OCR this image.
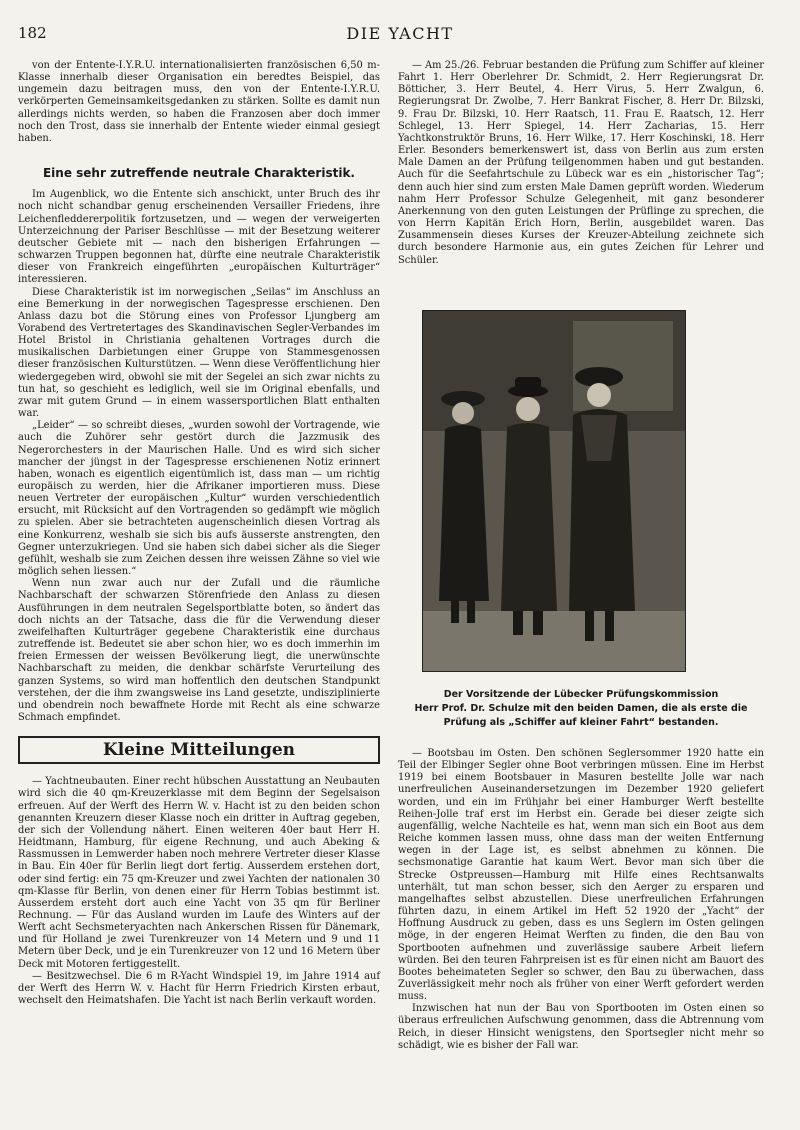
182	DIE YACHT

von der Entente-I.Y.R.U. internationalisierten französischen 6,50 m-Klasse innerhalb dieser Organisation ein beredtes Beispiel, das ungemein dazu beitragen muss, den von der Entente-I.Y.R.U. verkörperten Gemeinsamkeitsgedanken zu stärken. Sollte es damit nun allerdings nichts werden, so haben die Franzosen aber doch immer noch den Trost, dass sie innerhalb der Entente wieder einmal gesiegt haben.

Eine sehr zutreffende neutrale Charakteristik.

Im Augenblick, wo die Entente sich anschickt, unter Bruch des ihr noch nicht schandbar genug erscheinenden Versailler Friedens, ihre Leichenfleddererpolitik fortzusetzen, und — wegen der verweigerten Unterzeichnung der Pariser Beschlüsse — mit der Besetzung weiterer deutscher Gebiete mit — nach den bisherigen Erfahrungen — schwarzen Truppen begonnen hat, dürfte eine neutrale Charakteristik dieser von Frankreich eingeführten „europäischen Kulturträger“ interessieren.

Diese Charakteristik ist im norwegischen „Seilas“ im Anschluss an eine Bemerkung in der norwegischen Tagespresse erschienen. Den Anlass dazu bot die Störung eines von Professor Ljungberg am Vorabend des Vertretertages des Skandinavischen Segler-Verbandes im Hotel Bristol in Christiania gehaltenen Vortrages durch die musikalischen Darbietungen einer Gruppe von Stammesgenossen dieser französischen Kulturstützen. — Wenn diese Veröffentlichung hier wiedergegeben wird, obwohl sie mit der Segelei an sich zwar nichts zu tun hat, so geschieht es lediglich, weil sie im Original ebenfalls, und zwar mit gutem Grund — in einem wassersportlichen Blatt enthalten war.

„Leider“ — so schreibt dieses, „wurden sowohl der Vortragende, wie auch die Zuhörer sehr gestört durch die Jazzmusik des Negerorchesters in der Maurischen Halle. Und es wird sich sicher mancher der jüngst in der Tagespresse erschienenen Notiz erinnert haben, wonach es eigentlich eigentümlich ist, dass man — um richtig europäisch zu werden, hier die Afrikaner importieren muss. Diese neuen Vertreter der europäischen „Kultur“ wurden verschiedentlich ersucht, mit Rücksicht auf den Vortragenden so gedämpft wie möglich zu spielen. Aber sie betrachteten augenscheinlich diesen Vortrag als eine Konkurrenz, weshalb sie sich bis aufs äusserste anstrengten, den Gegner unterzukriegen. Und sie haben sich dabei sicher als die Sieger gefühlt, weshalb sie zum Zeichen dessen ihre weissen Zähne so viel wie möglich sehen liessen.“

Wenn nun zwar auch nur der Zufall und die räumliche Nachbarschaft der schwarzen Störenfriede den Anlass zu diesen Ausführungen in dem neutralen Segelsportblatte boten, so ändert das doch nichts an der Tatsache, dass die für die Verwendung dieser zweifelhaften Kulturträger gegebene Charakteristik eine durchaus zutreffende ist. Bedeutet sie aber schon hier, wo es doch immerhin im freien Ermessen der weissen Bevölkerung liegt, die unerwünschte Nachbarschaft zu meiden, die denkbar schärfste Verurteilung des ganzen Systems, so wird man hoffentlich den deutschen Standpunkt verstehen, der die ihm zwangsweise ins Land gesetzte, undisziplinierte und obendrein noch bewaffnete Horde mit Recht als eine schwarze Schmach empfindet.

Kleine Mitteilungen

— Yachtneubauten. Einer recht hübschen Ausstattung an Neubauten wird sich die 40 qm-Kreuzerklasse mit dem Beginn der Segelsaison erfreuen. Auf der Werft des Herrn W. v. Hacht ist zu den beiden schon genannten Kreuzern dieser Klasse noch ein dritter in Auftrag gegeben, der sich der Vollendung nähert. Einen weiteren 40er baut Herr H. Heidtmann, Hamburg, für eigene Rechnung, und auch Abeking & Rassmussen in Lemwerder haben noch mehrere Vertreter dieser Klasse in Bau. Ein 40er für Berlin liegt dort fertig. Ausserdem erstehen dort, oder sind fertig: ein 75 qm-Kreuzer und zwei Yachten der nationalen 30 qm-Klasse für Berlin, von denen einer für Herrn Tobias bestimmt ist. Ausserdem ersteht dort auch eine Yacht von 35 qm für Berliner Rechnung. — Für das Ausland wurden im Laufe des Winters auf der Werft acht Sechsmeteryachten nach Ankerschen Rissen für Dänemark, und für Holland je zwei Turenkreuzer von 14 Metern und 9 und 11 Metern über Deck, und je ein Turenkreuzer von 12 und 16 Metern über Deck mit Motoren fertiggestellt.

— Besitzwechsel. Die 6 m R-Yacht Windspiel 19, im Jahre 1914 auf der Werft des Herrn W. v. Hacht für Herrn Friedrich Kirsten erbaut, wechselt den Heimatshafen. Die Yacht ist nach Berlin verkauft worden.

— Am 25./26. Februar bestanden die Prüfung zum Schiffer auf kleiner Fahrt 1. Herr Oberlehrer Dr. Schmidt, 2. Herr Regierungsrat Dr. Bötticher, 3. Herr Beutel, 4. Herr Virus, 5. Herr Zwalgun, 6. Regierungsrat Dr. Zwolbe, 7. Herr Bankrat Fischer, 8. Herr Dr. Bilzski, 9. Frau Dr. Bilzski, 10. Herr Raatsch, 11. Frau E. Raatsch, 12. Herr Schlegel, 13. Herr Spiegel, 14. Herr Zacharias, 15. Herr Yachtkonstruktör Bruns, 16. Herr Wilke, 17. Herr Koschinski, 18. Herr Erler. Besonders bemerkenswert ist, dass von Berlin aus zum ersten Male Damen an der Prüfung teilgenommen haben und gut bestanden. Auch für die Seefahrtschule zu Lübeck war es ein „historischer Tag“; denn auch hier sind zum ersten Male Damen geprüft worden. Wiederum nahm Herr Professor Schulze Gelegenheit, mit ganz besonderer Anerkennung von den guten Leistungen der Prüflinge zu sprechen, die von Herrn Kapitän Erich Horn, Berlin, ausgebildet waren. Das Zusammensein dieses Kurses der Kreuzer-Abteilung zeichnete sich durch besondere Harmonie aus, ein gutes Zeichen für Lehrer und Schüler.

Der Vorsitzende der Lübecker Prüfungskommission
Herr Prof. Dr. Schulze mit den beiden Damen, die als erste die
Prüfung als „Schiffer auf kleiner Fahrt“ bestanden.

— Bootsbau im Osten. Den schönen Seglersommer 1920 hatte ein Teil der Elbinger Segler ohne Boot verbringen müssen. Eine im Herbst 1919 bei einem Bootsbauer in Masuren bestellte Jolle war nach unerfreulichen Auseinandersetzungen im Dezember 1920 geliefert worden, und ein im Frühjahr bei einer Hamburger Werft bestellte Reihen-Jolle traf erst im Herbst ein. Gerade bei dieser zeigte sich augenfällig, welche Nachteile es hat, wenn man sich ein Boot aus dem Reiche kommen lassen muss, ohne dass man der weiten Entfernung wegen in der Lage ist, es selbst abnehmen zu können. Die sechsmonatige Garantie hat kaum Wert. Bevor man sich über die Strecke Ostpreussen—Hamburg mit Hilfe eines Rechtsanwalts unterhält, tut man schon besser, sich den Aerger zu ersparen und mangelhaftes selbst abzustellen. Diese unerfreulichen Erfahrungen führten dazu, in einem Artikel im Heft 52 1920 der „Yacht“ der Hoffnung Ausdruck zu geben, dass es uns Seglern im Osten gelingen möge, in der engeren Heimat Werften zu finden, die den Bau von Sportbooten aufnehmen und zuverlässige saubere Arbeit liefern würden. Bei den teuren Fahrpreisen ist es für einen nicht am Bauort des Bootes beheimateten Segler so schwer, den Bau zu überwachen, dass Zuverlässigkeit mehr noch als früher von einer Werft gefordert werden muss.

Inzwischen hat nun der Bau von Sportbooten im Osten einen so überaus erfreulichen Aufschwung genommen, dass die Abtrennung vom Reich, in dieser Hinsicht wenigstens, den Sportsegler nicht mehr so schädigt, wie es bisher der Fall war.
